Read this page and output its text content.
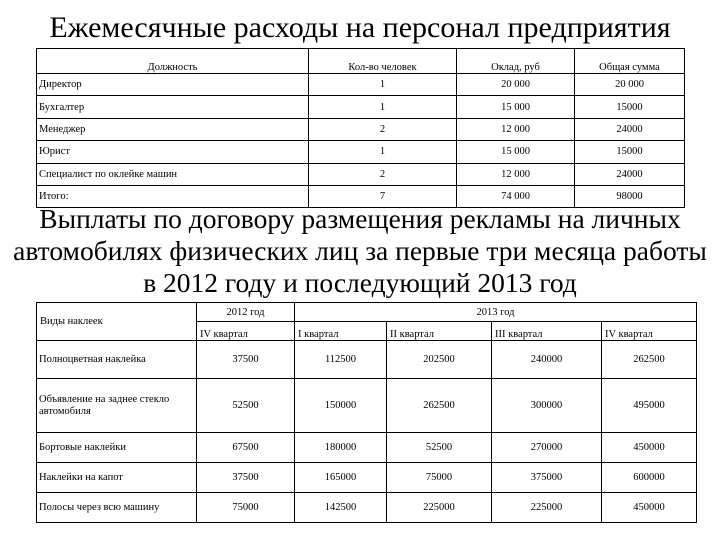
Ежемесячные расходы на персонал предприятия
Должность	Кол-во человек	Оклад, руб	Общая сумма
Директор	1	20 000	20 000
Бухгалтер	1	15 000	15000
Менеджер	2	12 000	24000
Юрист	1	15 000	15000
Специалист по оклейке машин	2	12 000	24000
Итого:	7	74 000	98000
Выплаты по договору размещения рекламы на личных
автомобилях физических лиц за первые три месяца работы
в 2012 году и последующий 2013 год
Виды наклеек	2012 год	2013 год			
	IV квартал	I квартал	II квартал	III квартал	IV квартал
Полноцветная наклейка	37500	112500	202500	240000	262500
Объявление на заднее стекло автомобиля	52500	150000	262500	300000	495000
Бортовые наклейки	67500	180000	52500	270000	450000
Наклейки на капот	37500	165000	75000	375000	600000
Полосы через всю машину	75000	142500	225000	225000	450000
